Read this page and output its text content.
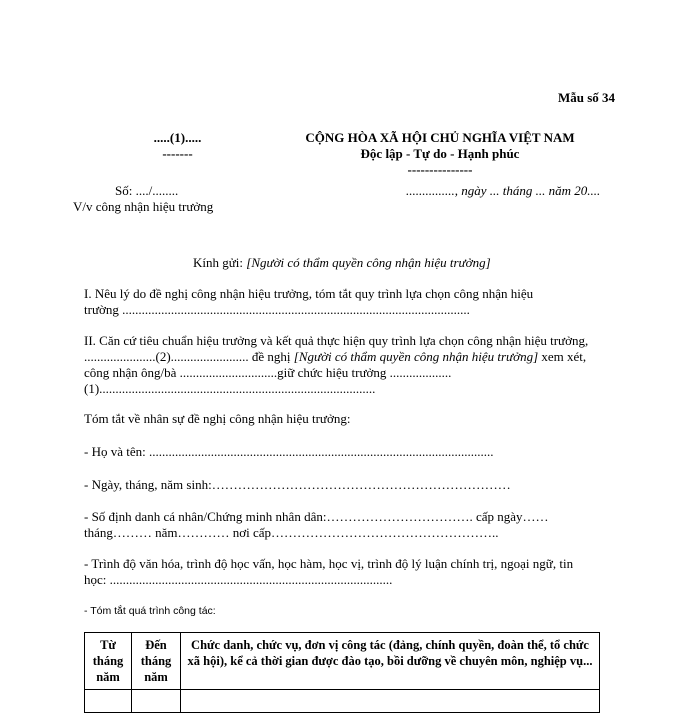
Mẫu số 34
.....(1).....
-------
CỘNG HÒA XÃ HỘI CHỦ NGHĨA VIỆT NAM
Độc lập - Tự do - Hạnh phúc
---------------
Số: ..../........
V/v công nhận hiệu trưởng
..............., ngày ... tháng ... năm 20....
Kính gửi: [Người có thẩm quyền công nhận hiệu trưởng]
I. Nêu lý do đề nghị công nhận hiệu trưởng, tóm tắt quy trình lựa chọn công nhận hiệu
trường ...........................................................................................................
II. Căn cứ tiêu chuẩn hiệu trưởng và kết quả thực hiện quy trình lựa chọn công nhận hiệu trưởng,
......................(2)........................ đề nghị [Người có thẩm quyền công nhận hiệu trưởng] xem xét,
công nhận ông/bà ..............................giữ chức hiệu trưởng ...................
(1).....................................................................................
Tóm tắt về nhân sự đề nghị công nhận hiệu trưởng:
- Họ và tên: ..........................................................................................................
- Ngày, tháng, năm sinh:……………………………………………………………
- Số định danh cá nhân/Chứng minh nhân dân:……………………………. cấp ngày……
tháng……… năm………… nơi cấp……………………………………………..
- Trình độ văn hóa, trình độ học vấn, học hàm, học vị, trình độ lý luận chính trị, ngoại ngữ, tin
học: .......................................................................................
- Tóm tắt quá trình công tác:
Từ tháng năm	Đến tháng năm	Chức danh, chức vụ, đơn vị công tác (đảng, chính quyền, đoàn thể, tổ chức xã hội), kể cả thời gian được đào tạo, bồi dưỡng về chuyên môn, nghiệp vụ...
